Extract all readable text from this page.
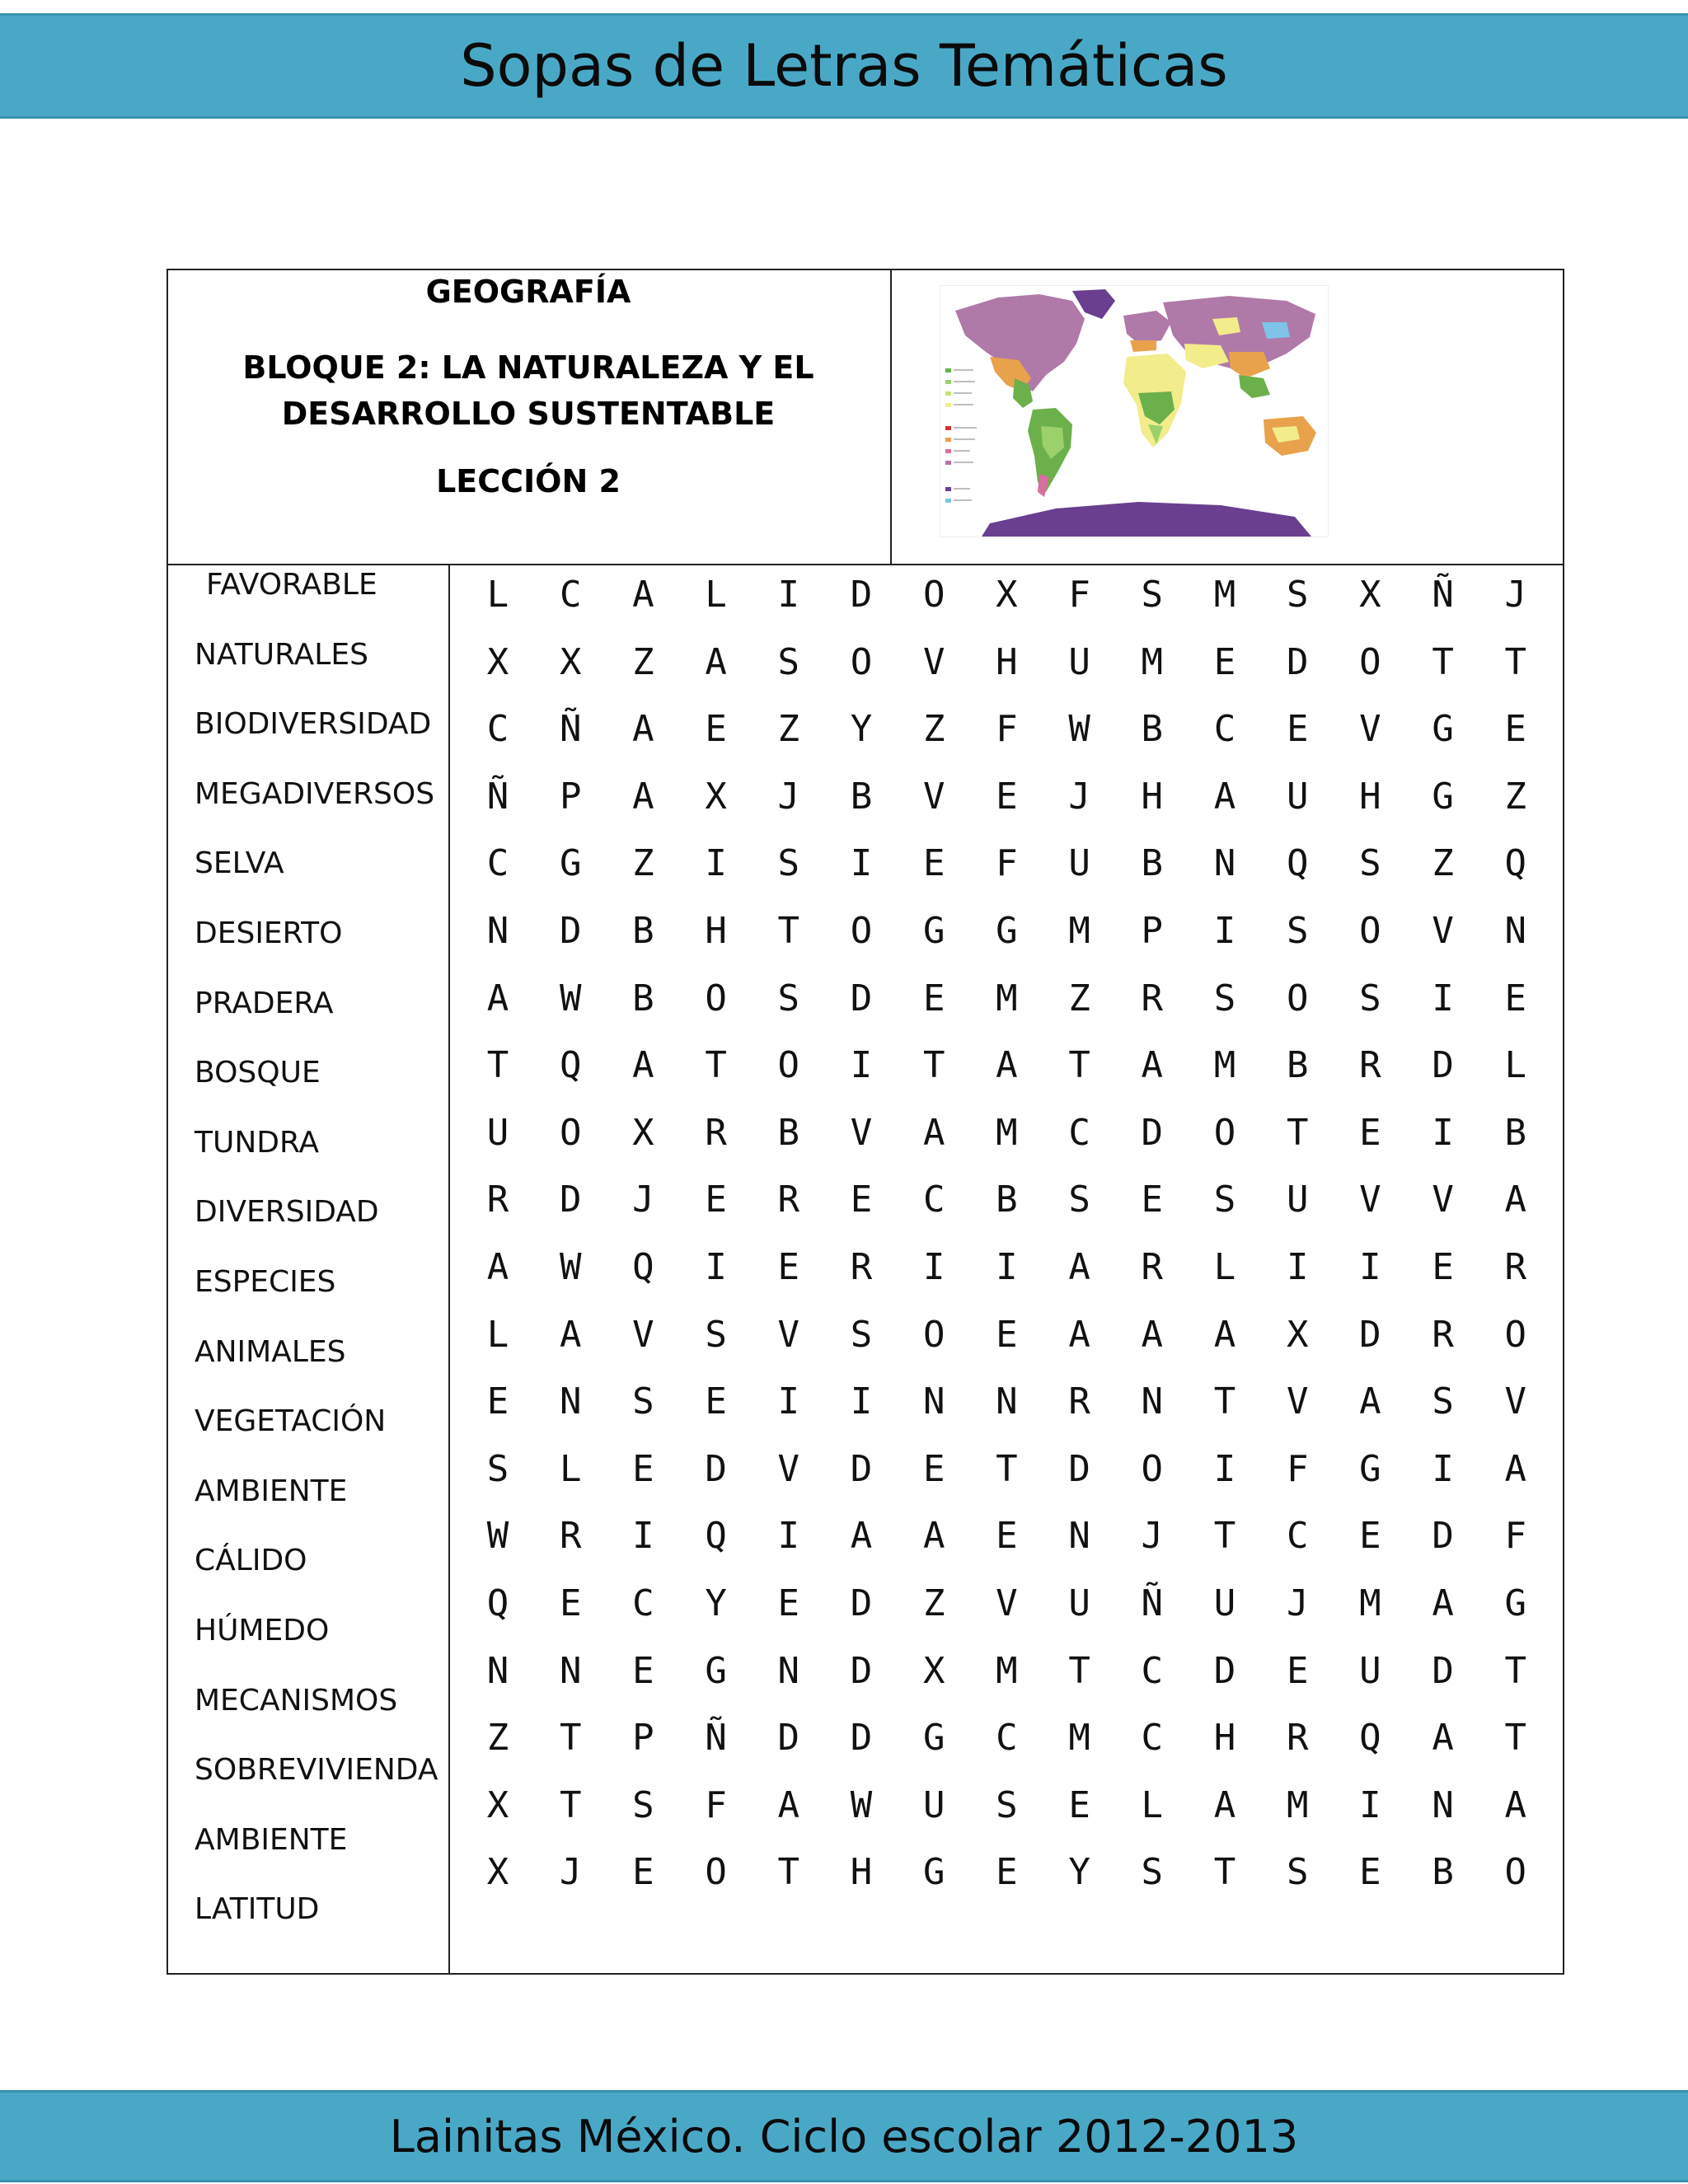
Sopas de Letras Temáticas
GEOGRAFÍA
BLOQUE 2: LA NATURALEZA Y EL
DESARROLLO SUSTENTABLE
LECCIÓN 2
FAVORABLE
NATURALES
BIODIVERSIDAD
MEGADIVERSOS
SELVA
DESIERTO
PRADERA
BOSQUE
TUNDRA
DIVERSIDAD
ESPECIES
ANIMALES
VEGETACIÓN
AMBIENTE
CÁLIDO
HÚMEDO
MECANISMOS
SOBREVIVIENDA
AMBIENTE
LATITUD
L	C	A	L	I	D	O	X	F	S	M	S	X	Ñ	J
X	X	Z	A	S	O	V	H	U	M	E	D	O	T	T
C	Ñ	A	E	Z	Y	Z	F	W	B	C	E	V	G	E
Ñ	P	A	X	J	B	V	E	J	H	A	U	H	G	Z
C	G	Z	I	S	I	E	F	U	B	N	Q	S	Z	Q
N	D	B	H	T	O	G	G	M	P	I	S	O	V	N
A	W	B	O	S	D	E	M	Z	R	S	O	S	I	E
T	Q	A	T	O	I	T	A	T	A	M	B	R	D	L
U	O	X	R	B	V	A	M	C	D	O	T	E	I	B
R	D	J	E	R	E	C	B	S	E	S	U	V	V	A
A	W	Q	I	E	R	I	I	A	R	L	I	I	E	R
L	A	V	S	V	S	O	E	A	A	A	X	D	R	O
E	N	S	E	I	I	N	N	R	N	T	V	A	S	V
S	L	E	D	V	D	E	T	D	O	I	F	G	I	A
W	R	I	Q	I	A	A	E	N	J	T	C	E	D	F
Q	E	C	Y	E	D	Z	V	U	Ñ	U	J	M	A	G
N	N	E	G	N	D	X	M	T	C	D	E	U	D	T
Z	T	P	Ñ	D	D	G	C	M	C	H	R	Q	A	T
X	T	S	F	A	W	U	S	E	L	A	M	I	N	A
X	J	E	O	T	H	G	E	Y	S	T	S	E	B	O
Lainitas México. Ciclo escolar 2012-2013
